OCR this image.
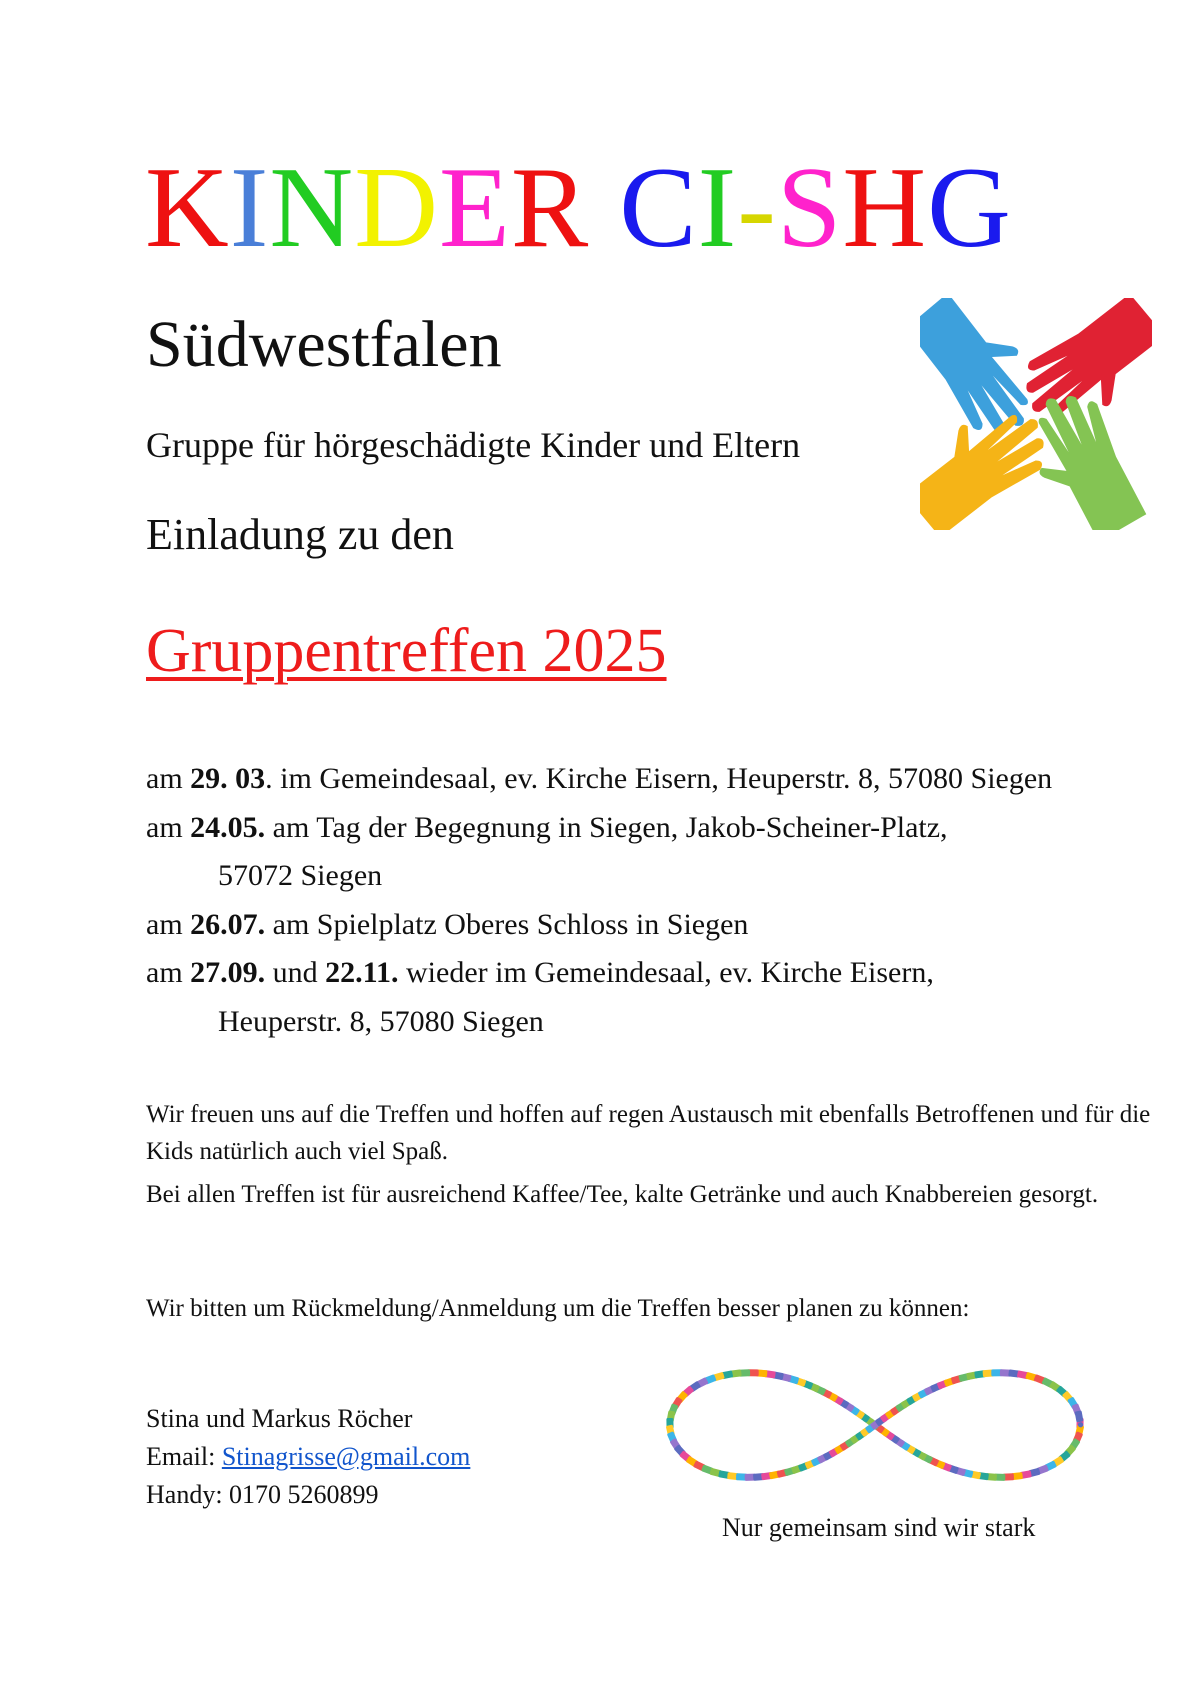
KINDER CI-SHG
Südwestfalen
Gruppe für hörgeschädigte Kinder und Eltern
Einladung zu den
Gruppentreffen 2025
am 29. 03. im Gemeindesaal, ev. Kirche Eisern, Heuperstr. 8, 57080 Siegen
am 24.05. am Tag der Begegnung in Siegen, Jakob-Scheiner-Platz,
57072 Siegen
am 26.07. am Spielplatz Oberes Schloss in Siegen
am 27.09. und 22.11. wieder im Gemeindesaal, ev. Kirche Eisern,
Heuperstr. 8, 57080 Siegen
Wir freuen uns auf die Treffen und hoffen auf regen Austausch mit ebenfalls Betroffenen und für die Kids natürlich auch viel Spaß.
Bei allen Treffen ist für ausreichend Kaffee/Tee, kalte Getränke und auch Knabbereien gesorgt.
Wir bitten um Rückmeldung/Anmeldung um die Treffen besser planen zu können:
Stina und Markus Röcher
Email: Stinagrisse@gmail.com
Handy: 0170 5260899
Nur gemeinsam sind wir stark
